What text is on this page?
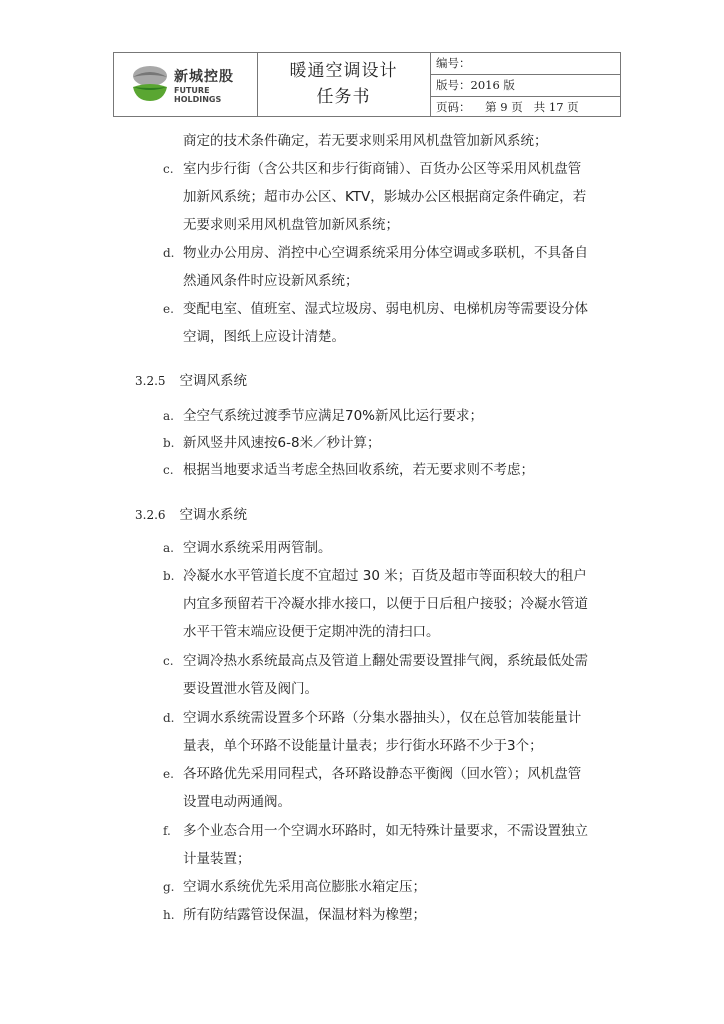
新城控股
FUTURE
HOLDINGS
暖通空调设计
任务书
编号：
版号：2016 版
页码：    第 9 页   共 17 页
商定的技术条件确定，若无要求则采用风机盘管加新风系统；
c. 室内步行街（含公共区和步行街商铺）、百货办公区等采用风机盘管
加新风系统；超市办公区、KTV，影城办公区根据商定条件确定，若
无要求则采用风机盘管加新风系统；
d. 物业办公用房、消控中心空调系统采用分体空调或多联机，不具备自
然通风条件时应设新风系统；
e. 变配电室、值班室、湿式垃圾房、弱电机房、电梯机房等需要设分体
空调，图纸上应设计清楚。
3.2.5 空调风系统
a. 全空气系统过渡季节应满足70%新风比运行要求；
b. 新风竖井风速按6-8米／秒计算；
c. 根据当地要求适当考虑全热回收系统，若无要求则不考虑；
3.2.6 空调水系统
a. 空调水系统采用两管制。
b. 冷凝水水平管道长度不宜超过 30 米；百货及超市等面积较大的租户
内宜多预留若干冷凝水排水接口，以便于日后租户接驳；冷凝水管道
水平干管末端应设便于定期冲洗的清扫口。
c. 空调冷热水系统最高点及管道上翻处需要设置排气阀，系统最低处需
要设置泄水管及阀门。
d. 空调水系统需设置多个环路（分集水器抽头），仅在总管加装能量计
量表，单个环路不设能量计量表；步行街水环路不少于3个；
e. 各环路优先采用同程式，各环路设静态平衡阀（回水管）；风机盘管
设置电动两通阀。
f. 多个业态合用一个空调水环路时，如无特殊计量要求，不需设置独立
计量装置；
g. 空调水系统优先采用高位膨胀水箱定压；
h. 所有防结露管设保温，保温材料为橡塑；
